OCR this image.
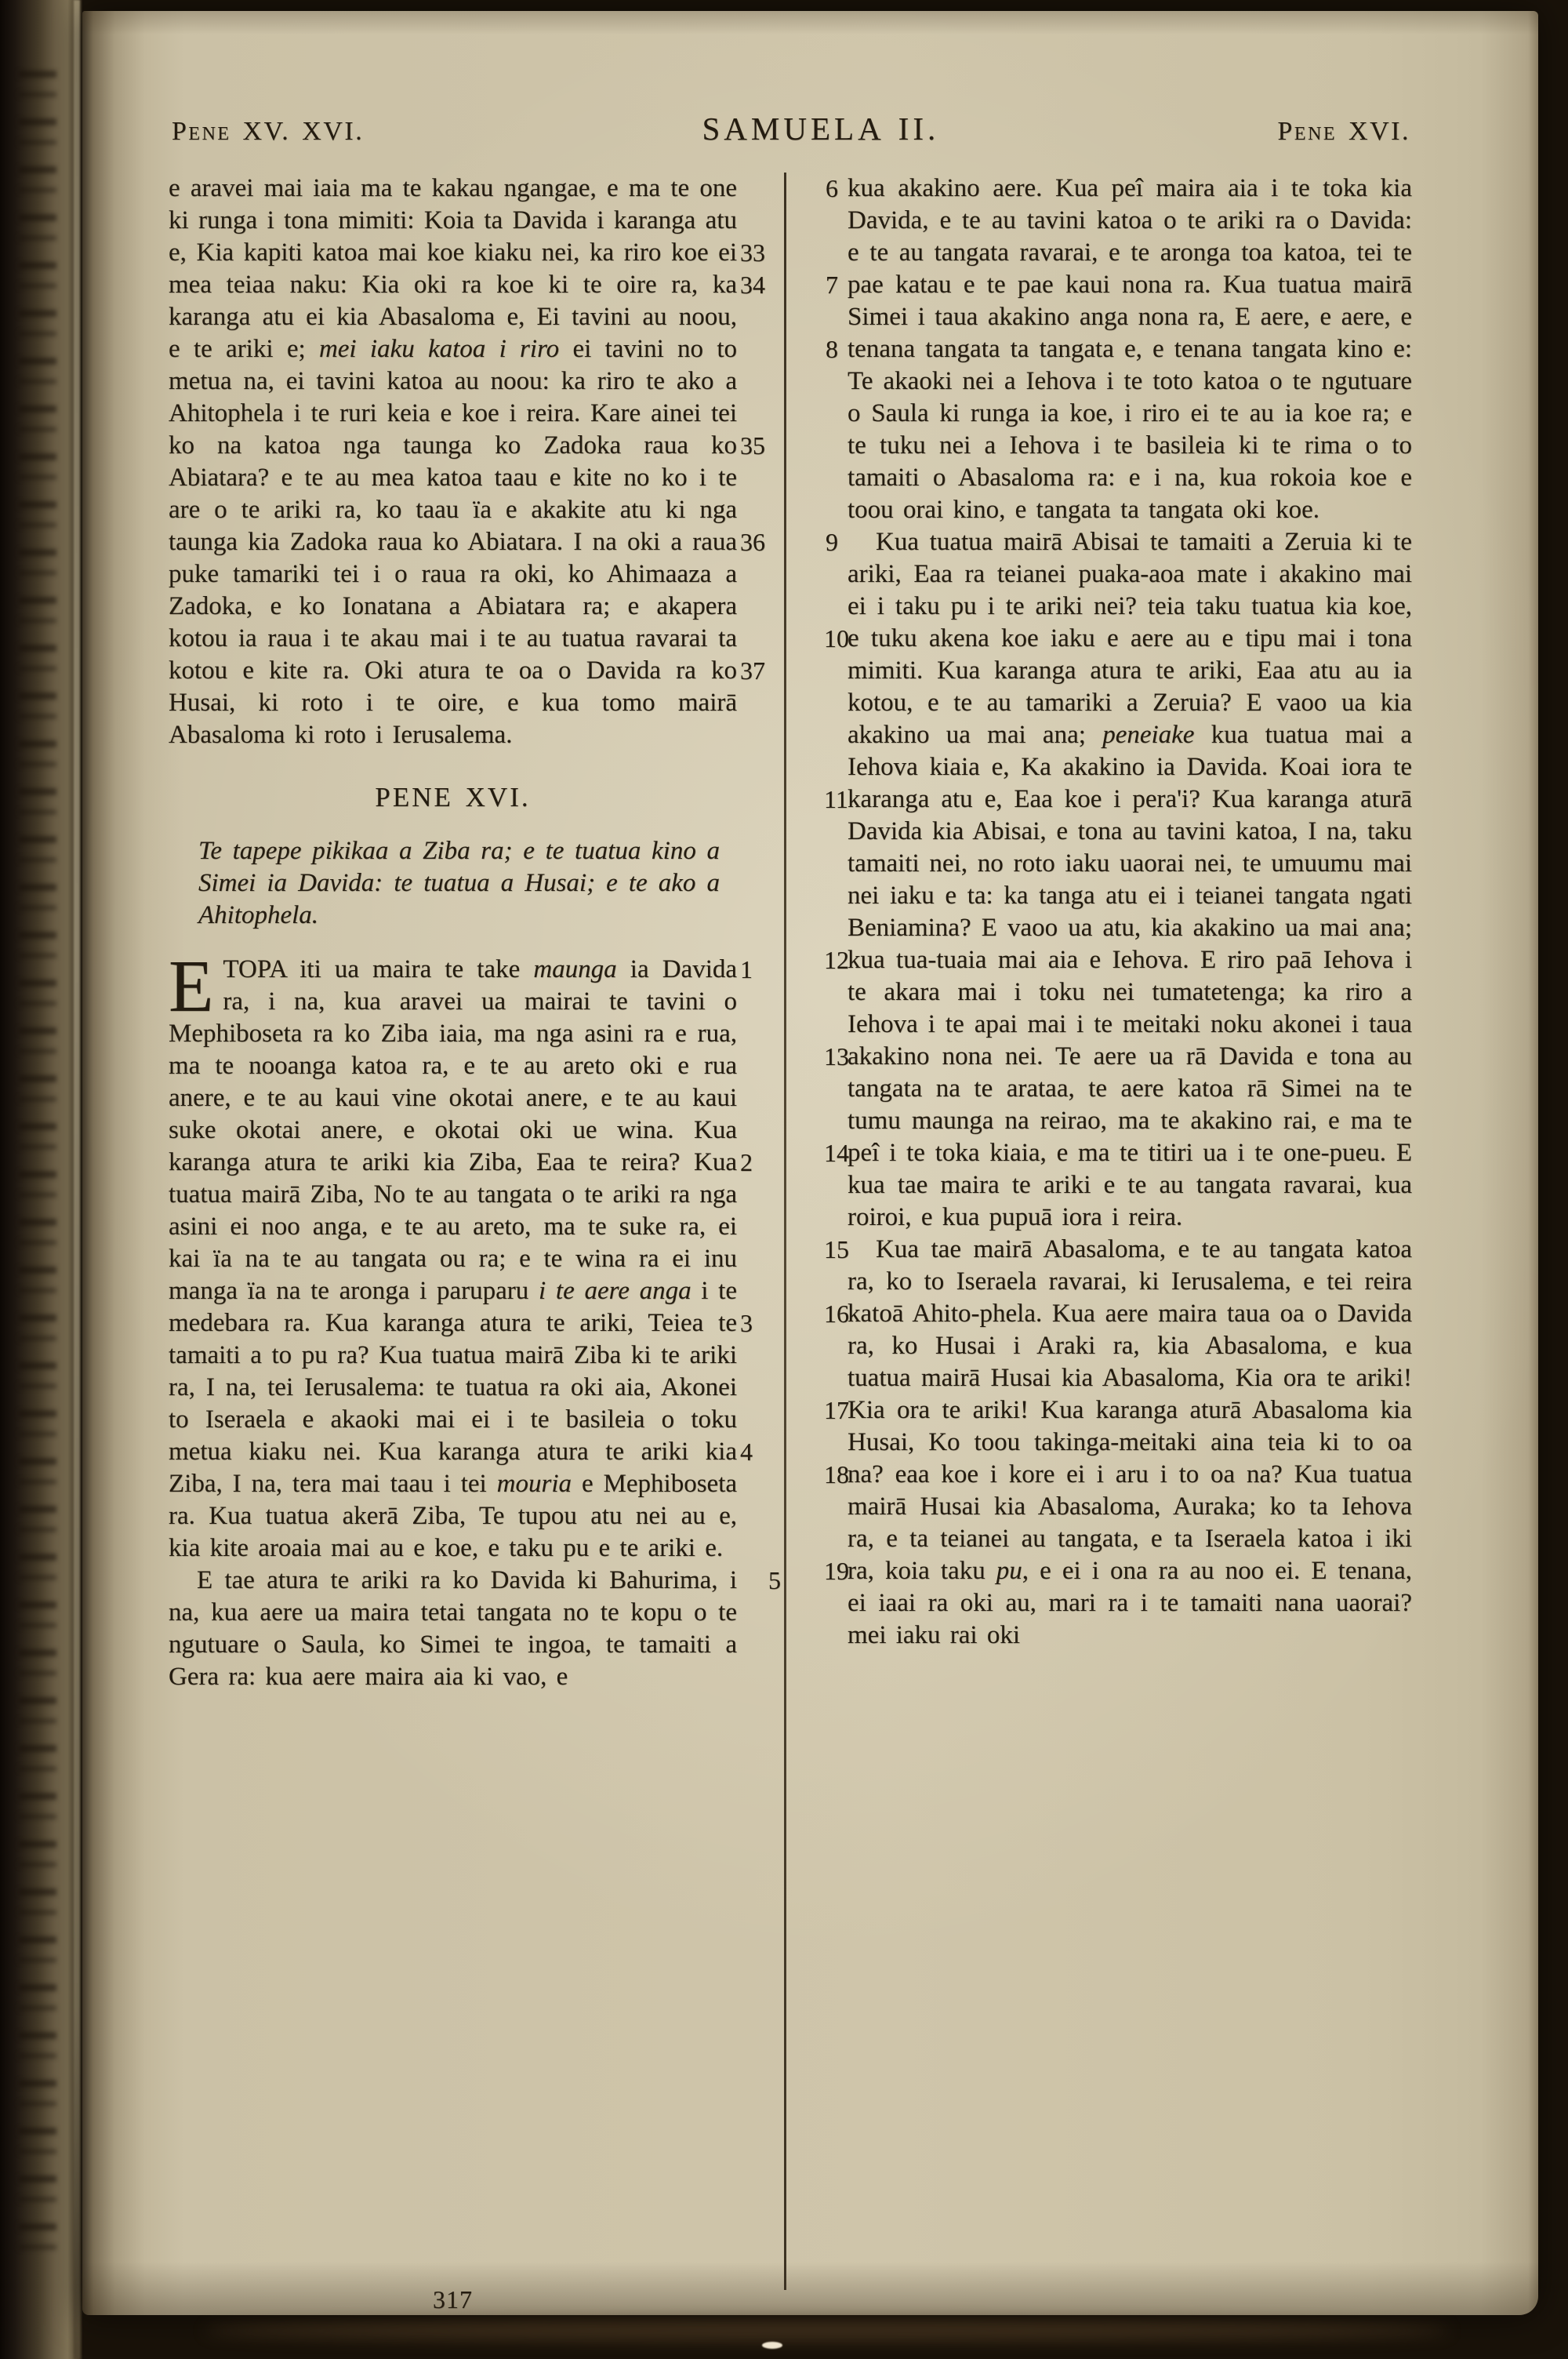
Pene XV. XVI.	SAMUELA II.	Pene XVI.

e aravei mai iaia ma te kakau ngangae, e ma te one ki runga i tona mimiti: Koia ta Davida i karanga atu e, Kia	33
kapiti katoa mai koe kiaku nei, ka riro koe ei mea teiaa naku: Kia oki ra koe	34
ki te oire ra, ka karanga atu ei kia Abasaloma e, Ei tavini au noou, e te ariki e; mei iaku katoa i riro ei tavini no to metua na, ei tavini katoa au noou: ka riro te ako a Ahitophela i te ruri keia e koe i reira. Kare ainei tei
35
ko na katoa nga taunga ko Zadoka raua ko Abiatara? e te au mea katoa taau e kite no ko i te are o te ariki ra, ko taau ïa e akakite atu ki nga taunga kia Zadoka raua ko Abiatara. I na oki a 36
raua puke tamariki tei i o raua ra oki, ko Ahimaaza a Zadoka, e ko Ionatana a Abiatara ra; e akapera kotou ia raua i te akau mai i te au tuatua ravarai ta kotou e kite ra. Oki atura te oa o	37
Davida ra ko Husai, ki roto i te oire, e kua tomo mairā Abasaloma ki roto i Ierusalema.

PENE XVI.
Te tapepe pikikaa a Ziba ra; e te tuatua kino a Simei ia Davida: te tuatua a Husai; e te ako a Ahitophela.

E	1
TOPA iti ua maira te take maunga ia Davida ra, i na, kua aravei ua mairai te tavini o Mephiboseta ra ko Ziba iaia, ma nga asini ra e rua, ma te nooanga katoa ra, e te au areto oki e rua anere, e te au kaui vine okotai anere, e te au kaui suke okotai anere, e okotai oki ue wina. Kua karanga	2
atura te ariki kia Ziba, Eaa te reira? Kua tuatua mairā Ziba, No te au tangata o te ariki ra nga asini ei noo anga, e te au areto, ma te suke ra, ei kai ïa na te au tangata ou ra; e te wina ra ei inu manga ïa na te aronga i paruparu i te aere anga i te medebara ra. Kua karanga atura te ariki, Teiea 3
te tamaiti a to pu ra? Kua tuatua mairā Ziba ki te ariki ra, I na, tei Ierusalema: te tuatua ra oki aia, Akonei to Iseraela e akaoki mai ei i te basileia o toku metua kiaku nei. Kua karanga	4
atura te ariki kia Ziba, I na, tera mai taau i tei mouria e Mephiboseta ra. Kua tuatua akerā Ziba, Te tupou atu nei au e, kia kite aroaia mai au e koe, e taku pu e te ariki e.

5
E tae atura te ariki ra ko Davida ki Bahurima, i na, kua aere ua maira tetai tangata no te kopu o te ngutuare o Saula, ko Simei te ingoa, te tamaiti a Gera ra: kua aere maira aia ki vao, e

6 kua akakino aere. Kua peî maira aia i te toka kia Davida, e te au tavini katoa o te ariki ra o Davida: e te au tangata ravarai, e te aronga toa katoa, tei te pae katau e te pae kaui nona ra.
7	Kua tuatua mairā Simei i taua akakino anga nona ra, E aere, e aere, e tenana tangata ta tangata e, e tenana tangata
8	kino e: Te akaoki nei a Iehova i te toto katoa o te ngutuare o Saula ki runga ia koe, i riro ei te au ia koe ra; e te tuku nei a Iehova i te basileia ki te rima o to tamaiti o Abasaloma ra: e i na, kua rokoia koe e toou orai kino, e tangata ta tangata oki koe.

9 Kua tuatua mairā Abisai te tamaiti a Zeruia ki te ariki, Eaa ra teianei puaka-aoa mate i akakino mai ei i taku pu i te ariki nei? teia taku tuatua kia koe, e tuku akena koe iaku e aere au e
10	tipu mai i tona mimiti. Kua karanga atura te ariki, Eaa atu au ia kotou, e te au tamariki a Zeruia? E vaoo ua kia akakino ua mai ana; peneiake kua tuatua mai a Iehova kiaia e, Ka akakino ia Davida. Koai iora te karanga
11	atu e, Eaa koe i pera'i? Kua karanga aturā Davida kia Abisai, e tona au tavini katoa, I na, taku tamaiti nei, no roto iaku uaorai nei, te umuumu mai nei iaku e ta: ka tanga atu ei i teianei tangata ngati Beniamina? E vaoo ua atu, kia akakino ua mai ana; kua tua-
12	tuaia mai aia e Iehova. E riro paā Iehova i te akara mai i toku nei tumatetenga; ka riro a Iehova i te apai mai i te meitaki noku akonei i taua akakino
13	nona nei. Te aere ua rā Davida e tona au tangata na te arataa, te aere katoa rā Simei na te tumu maunga na reirao, ma te akakino rai, e ma te peî i te toka
14	kiaia, e ma te titiri ua i te one-pueu. E kua tae maira te ariki e te au tangata ravarai, kua roiroi, e kua pupuā iora i reira.

15 Kua tae mairā Abasaloma, e te au tangata katoa ra, ko to Iseraela ravarai, ki Ierusalema, e tei reira katoā Ahito-
16	phela. Kua aere maira taua oa o Davida ra, ko Husai i Araki ra, kia Abasaloma, e kua tuatua mairā Husai kia Abasaloma, Kia ora te ariki! Kia
17 ora te ariki! Kua karanga aturā Abasaloma kia Husai, Ko toou takinga-meitaki aina teia ki to oa na? eaa koe i
18	kore ei i aru i to oa na? Kua tuatua mairā Husai kia Abasaloma, Auraka; ko ta Iehova ra, e ta teianei au tangata, e ta Iseraela katoa i iki ra, koia
19	taku pu, e ei i ona ra au noo ei. E tenana, ei iaai ra oki au, mari ra i te tamaiti nana uaorai? mei iaku rai oki

317
